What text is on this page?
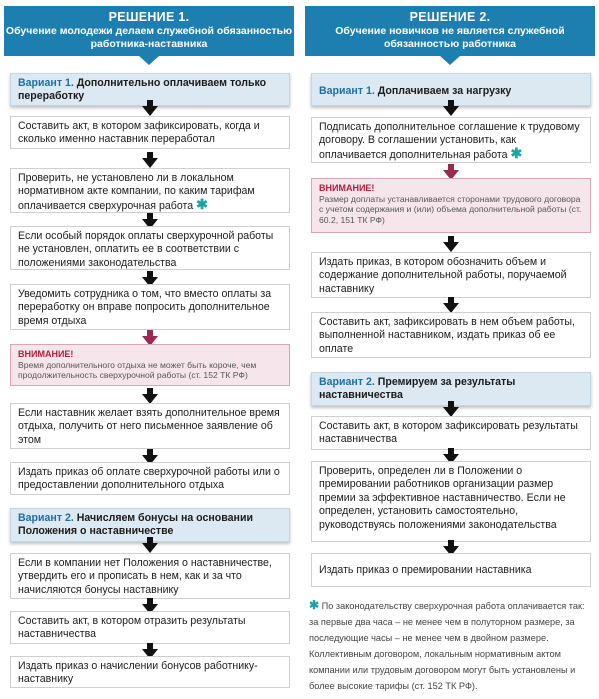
РЕШЕНИЕ 1.
Обучение молодежи делаем служебной обязанностью работника-наставника
Вариант 1. Дополнительно оплачиваем только переработку
Составить акт, в котором зафиксировать, когда и сколько именно наставник переработал
Проверить, не установлено ли в локальном нормативном акте компании, по каким тарифам оплачивается сверхурочная работа ✱
Если особый порядок оплаты сверхурочной работы не установлен, оплатить ее в соответствии с положениями законодательства
Уведомить сотрудника о том, что вместо оплаты за переработку он вправе попросить дополнительное время отдыха
ВНИМАНИЕ!
Время дополнительного отдыха не может быть короче, чем продолжительность сверхурочной работы (ст. 152 ТК РФ)
Если наставник желает взять дополнительное время отдыха, получить от него письменное заявление об этом
Издать приказ об оплате сверхурочной работы или о предоставлении дополнительного отдыха
Вариант 2. Начисляем бонусы на основании Положения о наставничестве
Если в компании нет Положения о наставничестве, утвердить его и прописать в нем, как и за что начисляются бонусы наставнику
Составить акт, в котором отразить результаты наставничества
Издать приказ о начислении бонусов работнику-наставнику
РЕШЕНИЕ 2.
Обучение новичков не является служебной обязанностью работника
Вариант 1. Доплачиваем за нагрузку
Подписать дополнительное соглашение к трудовому договору. В соглашении установить, как оплачивается дополнительная работа ✱
ВНИМАНИЕ!
Размер доплаты устанавливается сторонами трудового договора с учетом содержания и (или) объема дополнительной работы (ст. 60.2, 151 ТК РФ)
Издать приказ, в котором обозначить объем и содержание дополнительной работы, поручаемой наставнику
Составить акт, зафиксировать в нем объем работы, выполненной наставником, издать приказ об ее оплате
Вариант 2. Премируем за результаты наставничества
Составить акт, в котором зафиксировать результаты наставничества
Проверить, определен ли в Положении о премировании работников организации размер премии за эффективное наставничество. Если не определен, установить самостоятельно, руководствуясь положениями законодательства
Издать приказ о премировании наставника
✱ По законодательству сверхурочная работа оплачивается так: за первые два часа – не менее чем в полуторном размере, за последующие часы – не менее чем в двойном размере. Коллективным договором, локальным нормативным актом компании или трудовым договором могут быть установлены и более высокие тарифы (ст. 152 ТК РФ).
